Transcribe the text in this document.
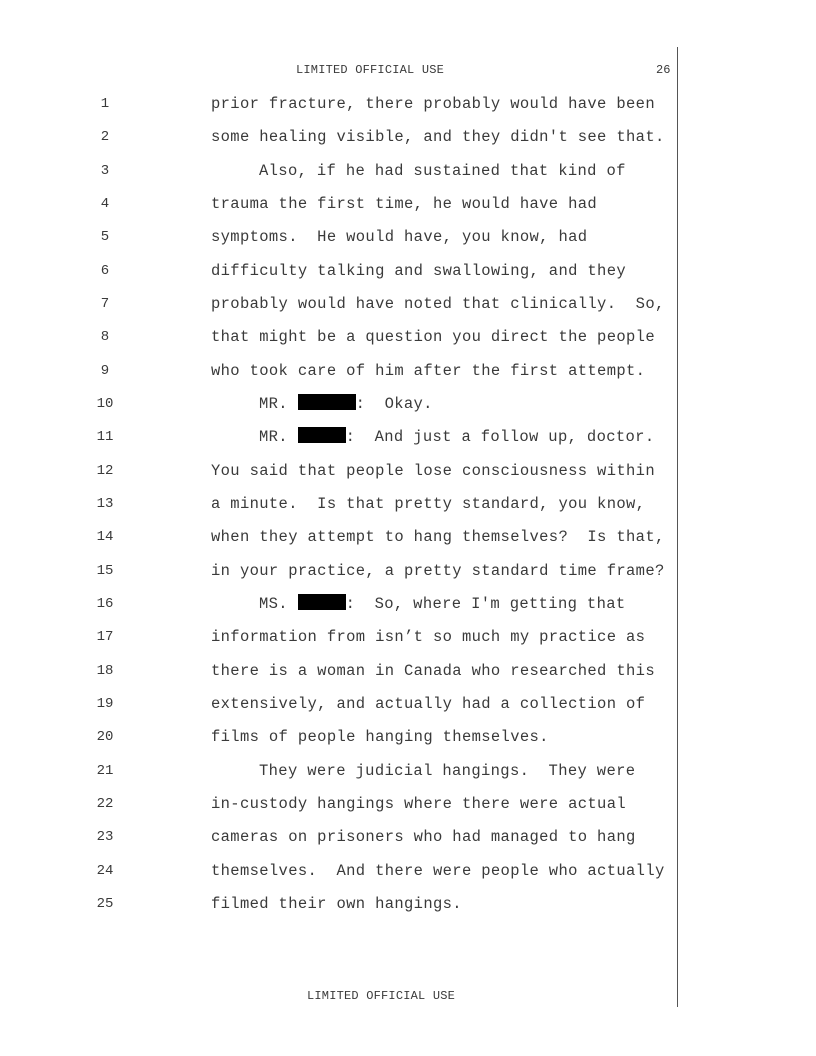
LIMITED OFFICIAL USE	26
1	prior fracture, there probably would have been
2	some healing visible, and they didn't see that.
3	Also, if he had sustained that kind of
4	trauma the first time, he would have had
5	symptoms.  He would have, you know, had
6	difficulty talking and swallowing, and they
7	probably would have noted that clinically.  So,
8	that might be a question you direct the people
9	who took care of him after the first attempt.
10	MR.	:  Okay.
11	MR.	:  And just a follow up, doctor.
12	You said that people lose consciousness within
13	a minute.  Is that pretty standard, you know,
14	when they attempt to hang themselves?  Is that,
15	in your practice, a pretty standard time frame?
16	MS.	:  So, where I'm getting that
17	information from isn’t so much my practice as
18	there is a woman in Canada who researched this
19	extensively, and actually had a collection of
20	films of people hanging themselves.
21	They were judicial hangings.  They were
22	in-custody hangings where there were actual
23	cameras on prisoners who had managed to hang
24	themselves.  And there were people who actually
25	filmed their own hangings.
LIMITED OFFICIAL USE
